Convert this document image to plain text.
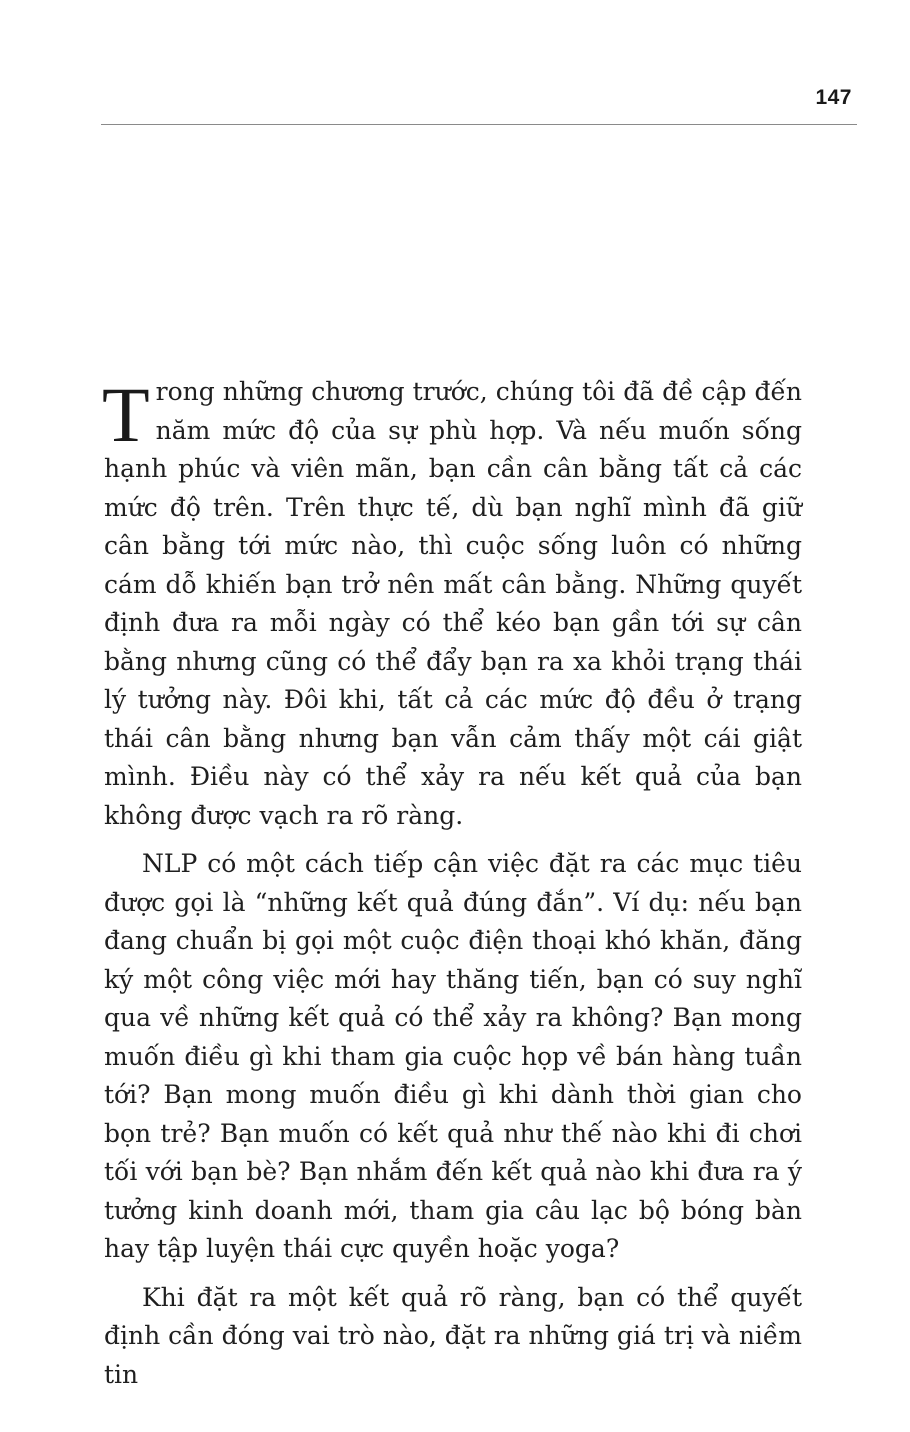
147

T rong những chương trước, chúng tôi đã đề cập đến năm mức độ của sự phù hợp. Và nếu muốn sống hạnh phúc và viên mãn, bạn cần cân bằng tất cả các mức độ trên. Trên thực tế, dù bạn nghĩ mình đã giữ cân bằng tới mức nào, thì cuộc sống luôn có những cám dỗ khiến bạn trở nên mất cân bằng. Những quyết định đưa ra mỗi ngày có thể kéo bạn gần tới sự cân bằng nhưng cũng có thể đẩy bạn ra xa khỏi trạng thái lý tưởng này. Đôi khi, tất cả các mức độ đều ở trạng thái cân bằng nhưng bạn vẫn cảm thấy một cái giật mình. Điều này có thể xảy ra nếu kết quả của bạn không được vạch ra rõ ràng.

NLP có một cách tiếp cận việc đặt ra các mục tiêu được gọi là “những kết quả đúng đắn”. Ví dụ: nếu bạn đang chuẩn bị gọi một cuộc điện thoại khó khăn, đăng ký một công việc mới hay thăng tiến, bạn có suy nghĩ qua về những kết quả có thể xảy ra không? Bạn mong muốn điều gì khi tham gia cuộc họp về bán hàng tuần tới? Bạn mong muốn điều gì khi dành thời gian cho bọn trẻ? Bạn muốn có kết quả như thế nào khi đi chơi tối với bạn bè? Bạn nhắm đến kết quả nào khi đưa ra ý tưởng kinh doanh mới, tham gia câu lạc bộ bóng bàn hay tập luyện thái cực quyền hoặc yoga?

Khi đặt ra một kết quả rõ ràng, bạn có thể quyết định cần đóng vai trò nào, đặt ra những giá trị và niềm tin
